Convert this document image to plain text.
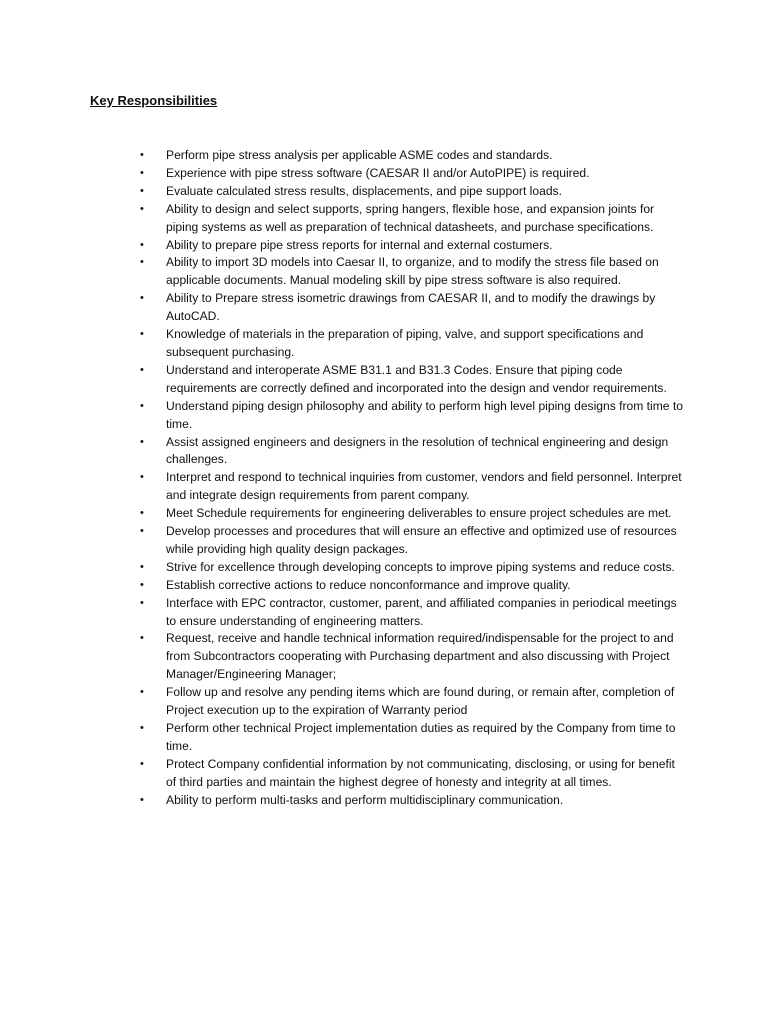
Key Responsibilities
• Perform pipe stress analysis per applicable ASME codes and standards.
• Experience with pipe stress software (CAESAR II and/or AutoPIPE) is required.
• Evaluate calculated stress results, displacements, and pipe support loads.
• Ability to design and select supports, spring hangers, flexible hose, and expansion joints for piping systems as well as preparation of technical datasheets, and purchase specifications.
• Ability to prepare pipe stress reports for internal and external costumers.
• Ability to import 3D models into Caesar II, to organize, and to modify the stress file based on applicable documents. Manual modeling skill by pipe stress software is also required.
• Ability to Prepare stress isometric drawings from CAESAR II, and to modify the drawings by AutoCAD.
• Knowledge of materials in the preparation of piping, valve, and support specifications and subsequent purchasing.
• Understand and interoperate ASME B31.1 and B31.3 Codes. Ensure that piping code requirements are correctly defined and incorporated into the design and vendor requirements.
• Understand piping design philosophy and ability to perform high level piping designs from time to time.
• Assist assigned engineers and designers in the resolution of technical engineering and design challenges.
• Interpret and respond to technical inquiries from customer, vendors and field personnel. Interpret and integrate design requirements from parent company.
• Meet Schedule requirements for engineering deliverables to ensure project schedules are met.
• Develop processes and procedures that will ensure an effective and optimized use of resources while providing high quality design packages.
• Strive for excellence through developing concepts to improve piping systems and reduce costs.
• Establish corrective actions to reduce nonconformance and improve quality.
• Interface with EPC contractor, customer, parent, and affiliated companies in periodical meetings to ensure understanding of engineering matters.
• Request, receive and handle technical information required/indispensable for the project to and from Subcontractors cooperating with Purchasing department and also discussing with Project Manager/Engineering Manager;
• Follow up and resolve any pending items which are found during, or remain after, completion of Project execution up to the expiration of Warranty period
• Perform other technical Project implementation duties as required by the Company from time to time.
• Protect Company confidential information by not communicating, disclosing, or using for benefit of third parties and maintain the highest degree of honesty and integrity at all times.
• Ability to perform multi-tasks and perform multidisciplinary communication.
